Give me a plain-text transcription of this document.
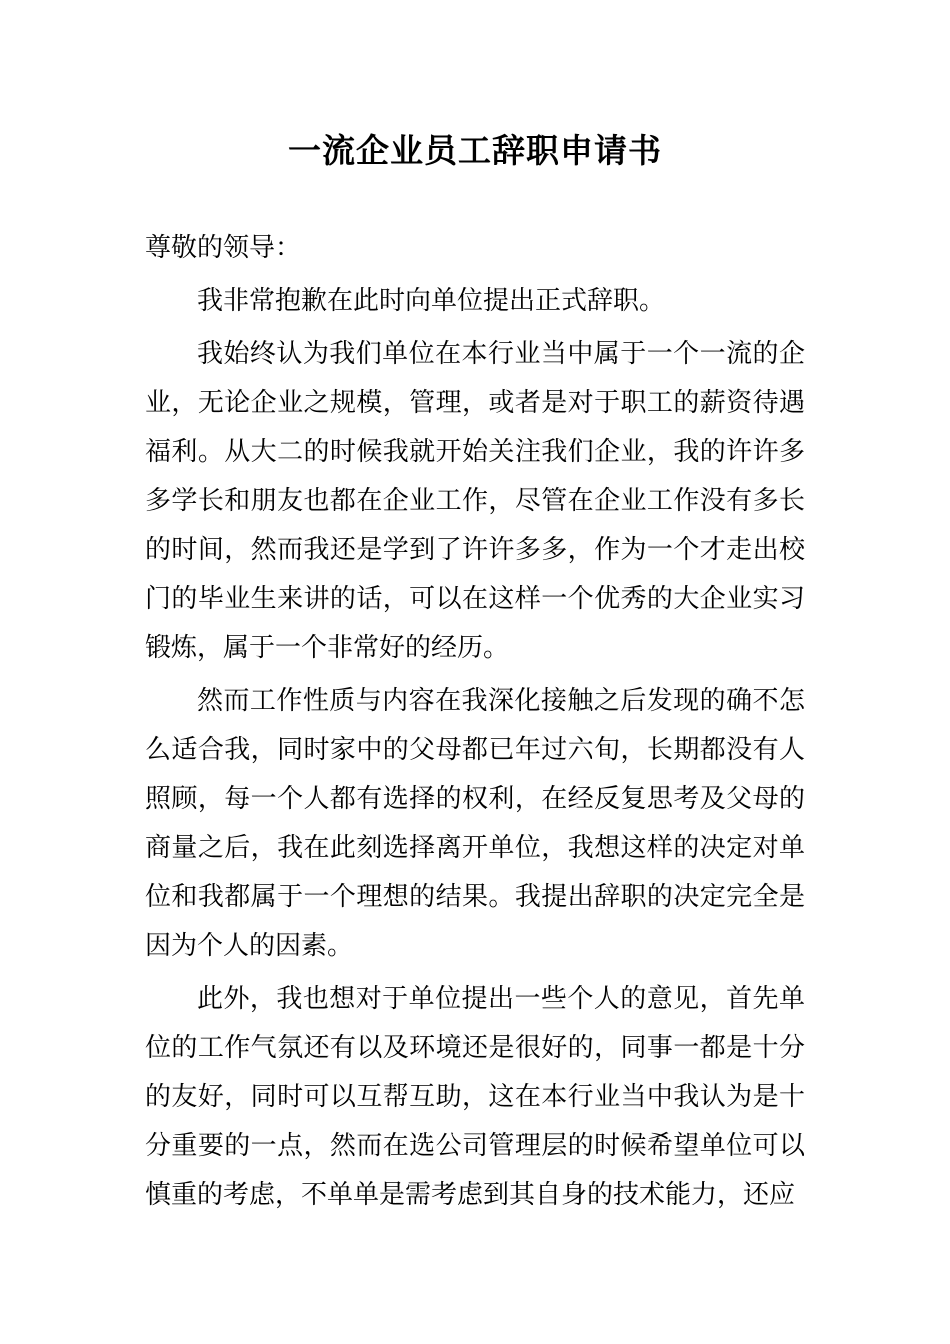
一流企业员工辞职申请书

尊敬的领导：

我非常抱歉在此时向单位提出正式辞职。

我始终认为我们单位在本行业当中属于一个一流的企业，无论企业之规模，管理，或者是对于职工的薪资待遇福利。从大二的时候我就开始关注我们企业，我的许许多多学长和朋友也都在企业工作，尽管在企业工作没有多长的时间，然而我还是学到了许许多多，作为一个才走出校门的毕业生来讲的话，可以在这样一个优秀的大企业实习锻炼，属于一个非常好的经历。

然而工作性质与内容在我深化接触之后发现的确不怎么适合我，同时家中的父母都已年过六旬，长期都没有人照顾，每一个人都有选择的权利，在经反复思考及父母的商量之后，我在此刻选择离开单位，我想这样的决定对单位和我都属于一个理想的结果。我提出辞职的决定完全是因为个人的因素。

此外，我也想对于单位提出一些个人的意见，首先单位的工作气氛还有以及环境还是很好的，同事一都是十分的友好，同时可以互帮互助，这在本行业当中我认为是十分重要的一点，然而在选公司管理层的时候希望单位可以慎重的考虑，不单单是需考虑到其自身的技术能力，还应
